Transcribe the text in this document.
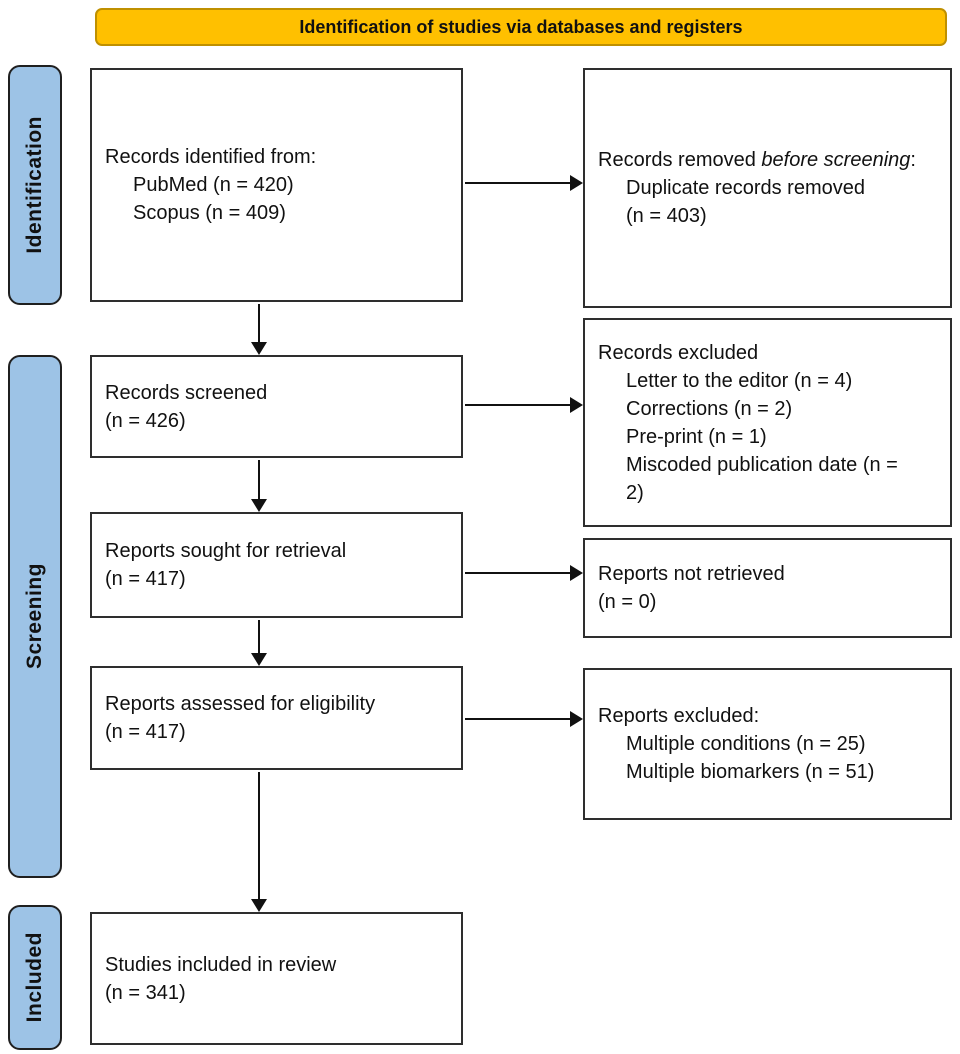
Identification of studies via databases and registers
Identification
Screening
Included
Records identified from:
PubMed (n = 420)
Scopus (n = 409)
Records screened
(n = 426)
Reports sought for retrieval
(n = 417)
Reports assessed for eligibility
(n = 417)
Studies included in review
(n = 341)
Records removed before screening:
Duplicate records removed
(n = 403)
Records excluded
Letter to the editor (n = 4)
Corrections (n = 2)
Pre-print (n = 1)
Miscoded publication date (n =
2)
Reports not retrieved
(n = 0)
Reports excluded:
Multiple conditions (n = 25)
Multiple biomarkers (n = 51)
